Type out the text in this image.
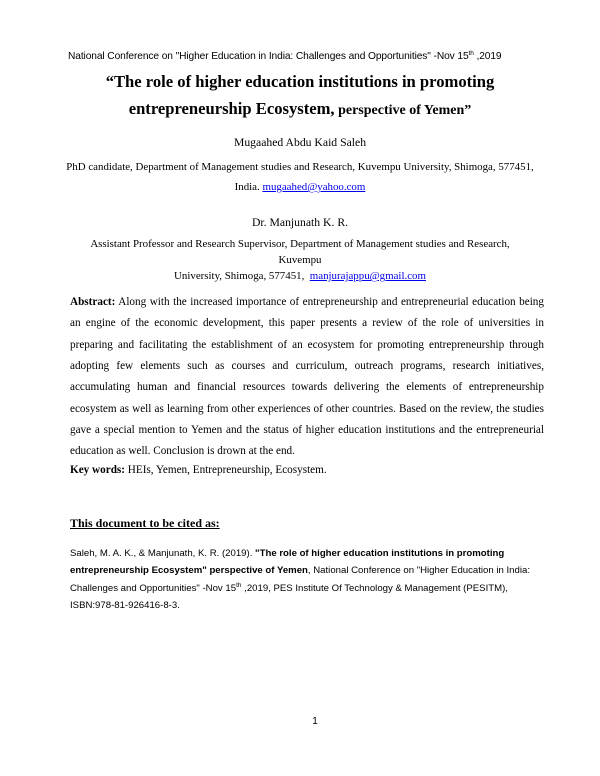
National Conference on "Higher Education in India: Challenges and Opportunities" -Nov 15th ,2019
“The role of higher education institutions in promoting
entrepreneurship Ecosystem, perspective of Yemen”
Mugaahed Abdu Kaid Saleh
PhD candidate, Department of Management studies and Research, Kuvempu University, Shimoga, 577451,
India. mugaahed@yahoo.com
Dr. Manjunath K. R.
Assistant Professor and Research Supervisor, Department of Management studies and Research, Kuvempu
University, Shimoga, 577451, manjurajappu@gmail.com
Abstract: Along with the increased importance of entrepreneurship and entrepreneurial education being an engine of the economic development, this paper presents a review of the role of universities in preparing and facilitating the establishment of an ecosystem for promoting entrepreneurship through adopting few elements such as courses and curriculum, outreach programs, research initiatives, accumulating human and financial resources towards delivering the elements of entrepreneurship ecosystem as well as learning from other experiences of other countries. Based on the review, the studies gave a special mention to Yemen and the status of higher education institutions and the entrepreneurial education as well. Conclusion is drown at the end.
Key words: HEIs, Yemen, Entrepreneurship, Ecosystem.
This document to be cited as:
Saleh, M. A. K., & Manjunath, K. R. (2019). "The role of higher education institutions in promoting entrepreneurship Ecosystem" perspective of Yemen, National Conference on "Higher Education in India: Challenges and Opportunities" -Nov 15th ,2019, PES Institute Of Technology & Management (PESITM), ISBN:978-81-926416-8-3.
1
